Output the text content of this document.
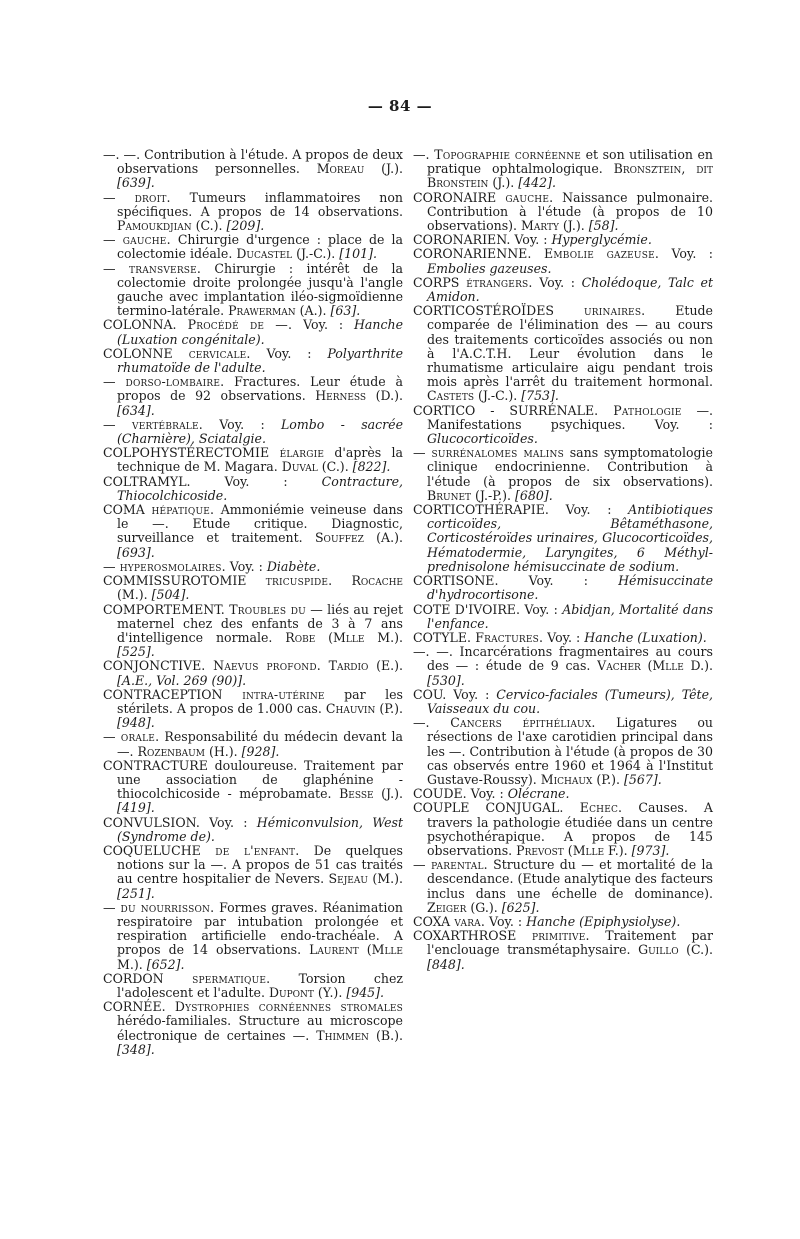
— 84 —

—. —. Contribution à l'étude. A propos de deux observations personnelles. Moreau (J.). [639].

— droit. Tumeurs inflammatoires non spécifiques. A propos de 14 observations. Pamoukdjian (C.). [209].

— gauche. Chirurgie d'urgence : place de la colectomie idéale. Ducastel (J.-C.). [101].

— transverse. Chirurgie : intérêt de la colectomie droite prolongée jusqu'à l'angle gauche avec implantation iléo-sigmoïdienne termino-latérale. Prawerman (A.). [63].

COLONNA. Procédé de —. Voy. : Hanche (Luxation congénitale).

COLONNE cervicale. Voy. : Polyarthrite rhumatoïde de l'adulte.

— dorso-lombaire. Fractures. Leur étude à propos de 92 observations. Herness (D.). [634].

— vertébrale. Voy. : Lombo - sacrée (Charnière), Sciatalgie.

COLPOHYSTÉRECTOMIE élargie d'après la technique de M. Magara. Duval (C.). [822].

COLTRAMYL. Voy. : Contracture, Thiocolchicoside.

COMA hépatique. Ammoniémie veineuse dans le —. Etude critique. Diagnostic, surveillance et traitement. Souffez (A.). [693].

— hyperosmolaires. Voy. : Diabète.

COMMISSUROTOMIE tricuspide. Rocache (M.). [504].

COMPORTEMENT. Troubles du — liés au rejet maternel chez des enfants de 3 à 7 ans d'intelligence normale. Robe (Mlle M.). [525].

CONJONCTIVE. Naevus profond. Tardio (E.). [A.E., Vol. 269 (90)].

CONTRACEPTION intra-utérine par les stérilets. A propos de 1.000 cas. Chauvin (P.). [948].

— orale. Responsabilité du médecin devant la —. Rozenbaum (H.). [928].

CONTRACTURE douloureuse. Traitement par une association de glaphénine - thiocolchicoside - méprobamate. Besse (J.). [419].

CONVULSION. Voy. : Hémiconvulsion, West (Syndrome de).

COQUELUCHE de l'enfant. De quelques notions sur la —. A propos de 51 cas traités au centre hospitalier de Nevers. Sejeau (M.). [251].

— du nourrisson. Formes graves. Réanimation respiratoire par intubation prolongée et respiration artificielle endo-trachéale. A propos de 14 observations. Laurent (Mlle M.). [652].

CORDON spermatique. Torsion chez l'adolescent et l'adulte. Dupont (Y.). [945].

CORNÉE. Dystrophies cornéennes stromales hérédo-familiales. Structure au microscope électronique de certaines —. Thimmen (B.). [348].

—. Topographie cornéenne et son utilisation en pratique ophtalmologique. Bronsztein, dit Bronstein (J.). [442].

CORONAIRE gauche. Naissance pulmonaire. Contribution à l'étude (à propos de 10 observations). Marty (J.). [58].

CORONARIEN. Voy. : Hyperglycémie.

CORONARIENNE. Embolie gazeuse. Voy. : Embolies gazeuses.

CORPS étrangers. Voy. : Cholédoque, Talc et Amidon.

CORTICOSTÉROÏDES urinaires. Etude comparée de l'élimination des — au cours des traitements corticoïdes associés ou non à l'A.C.T.H. Leur évolution dans le rhumatisme articulaire aigu pendant trois mois après l'arrêt du traitement hormonal. Castets (J.-C.). [753].

CORTICO - SURRÉNALE. Pathologie —. Manifestations psychiques. Voy. : Glucocorticoïdes.

— surrénalomes malins sans symptomatologie clinique endocrinienne. Contribution à l'étude (à propos de six observations). Brunet (J.-P.). [680].

CORTICOTHÉRAPIE. Voy. : Antibiotiques corticoïdes, Bêtaméthasone, Corticostéroïdes urinaires, Glucocorticoïdes, Hématodermie, Laryngites, 6 Méthyl-prednisolone hémisuccinate de sodium.

CORTISONE. Voy. : Hémisuccinate d'hydrocortisone.

COTE D'IVOIRE. Voy. : Abidjan, Mortalité dans l'enfance.

COTYLE. Fractures. Voy. : Hanche (Luxation).

—. —. Incarcérations fragmentaires au cours des — : étude de 9 cas. Vacher (Mlle D.). [530].

COU. Voy. : Cervico-faciales (Tumeurs), Tête, Vaisseaux du cou.

—. Cancers épithéliaux. Ligatures ou résections de l'axe carotidien principal dans les —. Contribution à l'étude (à propos de 30 cas observés entre 1960 et 1964 à l'Institut Gustave-Roussy). Michaux (P.). [567].

COUDE. Voy. : Olécrane.

COUPLE CONJUGAL. Echec. Causes. A travers la pathologie étudiée dans un centre psychothérapique. A propos de 145 observations. Prevost (Mlle F.). [973].

— parental. Structure du — et mortalité de la descendance. (Etude analytique des facteurs inclus dans une échelle de dominance). Zeiger (G.). [625].

COXA vara. Voy. : Hanche (Epiphysiolyse).

COXARTHROSE primitive. Traitement par l'enclouage transmétaphysaire. Guillo (C.). [848].
